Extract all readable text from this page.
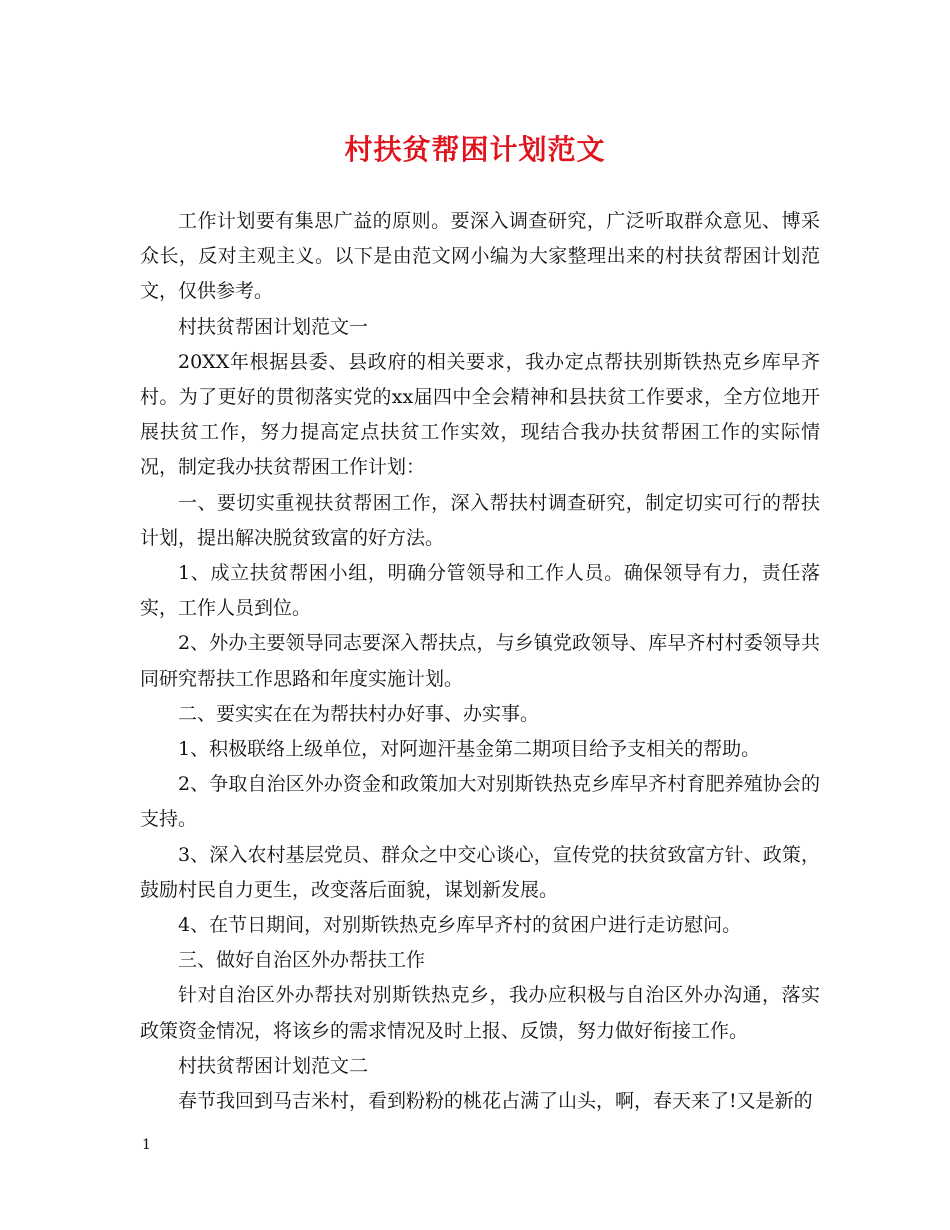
村扶贫帮困计划范文

工作计划要有集思广益的原则。要深入调查研究，广泛听取群众意见、博采众长，反对主观主义。以下是由范文网小编为大家整理出来的村扶贫帮困计划范文，仅供参考。

村扶贫帮困计划范文一

20XX年根据县委、县政府的相关要求，我办定点帮扶别斯铁热克乡库早齐村。为了更好的贯彻落实党的xx届四中全会精神和县扶贫工作要求，全方位地开展扶贫工作，努力提高定点扶贫工作实效，现结合我办扶贫帮困工作的实际情况，制定我办扶贫帮困工作计划：

一、要切实重视扶贫帮困工作，深入帮扶村调查研究，制定切实可行的帮扶计划，提出解决脱贫致富的好方法。

1、成立扶贫帮困小组，明确分管领导和工作人员。确保领导有力，责任落实，工作人员到位。

2、外办主要领导同志要深入帮扶点，与乡镇党政领导、库早齐村村委领导共同研究帮扶工作思路和年度实施计划。

二、要实实在在为帮扶村办好事、办实事。

1、积极联络上级单位，对阿迦汗基金第二期项目给予支相关的帮助。

2、争取自治区外办资金和政策加大对别斯铁热克乡库早齐村育肥养殖协会的支持。

3、深入农村基层党员、群众之中交心谈心，宣传党的扶贫致富方针、政策，鼓励村民自力更生，改变落后面貌，谋划新发展。

4、在节日期间，对别斯铁热克乡库早齐村的贫困户进行走访慰问。

三、做好自治区外办帮扶工作

针对自治区外办帮扶对别斯铁热克乡，我办应积极与自治区外办沟通，落实政策资金情况，将该乡的需求情况及时上报、反馈，努力做好衔接工作。

村扶贫帮困计划范文二

春节我回到马吉米村，看到粉粉的桃花占满了山头，啊，春天来了!又是新的

1
